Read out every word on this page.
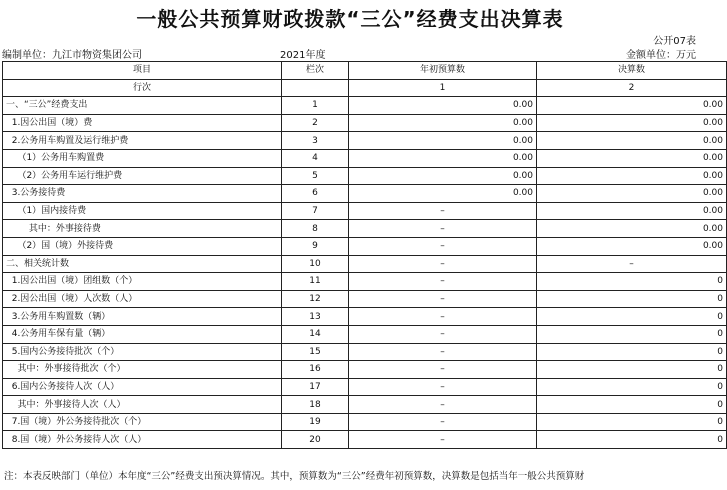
一般公共预算财政拨款“三公”经费支出决算表
公开07表
编制单位：九江市物资集团公司	2021年度	金额单位：万元
项目	栏次	年初预算数	决算数
行次		1	2
一、“三公”经费支出	1	0.00	0.00
1.因公出国（境）费	2	0.00	0.00
2.公务用车购置及运行维护费	3	0.00	0.00
（1）公务用车购置费	4	0.00	0.00
（2）公务用车运行维护费	5	0.00	0.00
3.公务接待费	6	0.00	0.00
（1）国内接待费	7	–	0.00
其中：外事接待费	8	–	0.00
（2）国（境）外接待费	9	–	0.00
二、相关统计数	10	–	–
1.因公出国（境）团组数（个）	11	–	0
2.因公出国（境）人次数（人）	12	–	0
3.公务用车购置数（辆）	13	–	0
4.公务用车保有量（辆）	14	–	0
5.国内公务接待批次（个）	15	–	0
其中：外事接待批次（个）	16	–	0
6.国内公务接待人次（人）	17	–	0
其中：外事接待人次（人）	18	–	0
7.国（境）外公务接待批次（个）	19	–	0
8.国（境）外公务接待人次（人）	20	–	0
注：本表反映部门（单位）本年度“三公”经费支出预决算情况。其中，预算数为“三公”经费年初预算数，决算数是包括当年一般公共预算财
